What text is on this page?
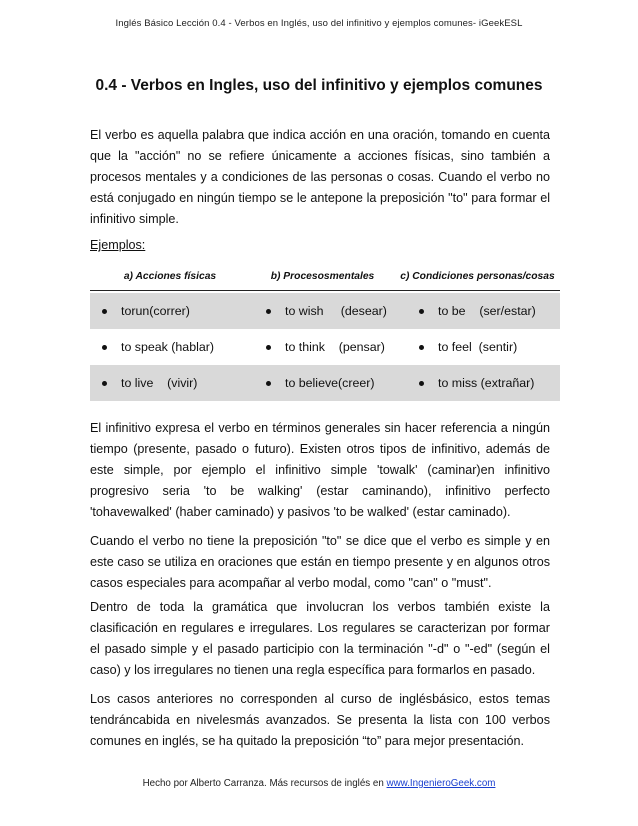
Inglés Básico Lección 0.4 - Verbos en Inglés, uso del infinitivo y ejemplos comunes- iGeekESL
0.4 - Verbos en Ingles, uso del infinitivo y ejemplos comunes

El verbo es aquella palabra que indica acción en una oración, tomando en cuenta que la "acción" no se refiere únicamente a acciones físicas, sino también a procesos mentales y a condiciones de las personas o cosas. Cuando el verbo no está conjugado en ningún tiempo se le antepone la preposición "to" para formar el infinitivo simple.

Ejemplos:
a) Acciones físicas	b) Procesosmentales	c) Condiciones personas/cosas
torun(correr)	to wish     (desear)	to be    (ser/estar)
to speak (hablar)	to think    (pensar)	to feel  (sentir)
to live    (vivir)	to believe(creer)	to miss (extrañar)

El infinitivo expresa el verbo en términos generales sin hacer referencia a ningún tiempo (presente, pasado o futuro). Existen otros tipos de infinitivo, además de este simple, por ejemplo el infinitivo simple 'towalk' (caminar)en infinitivo progresivo seria 'to be walking' (estar caminando), infinitivo perfecto 'tohavewalked' (haber caminado) y pasivos 'to be walked' (estar caminado).

Cuando el verbo no tiene la preposición "to" se dice que el verbo es simple y en este caso se utiliza en oraciones que están en tiempo presente y en algunos otros casos especiales para acompañar al verbo modal, como "can" o "must".

Dentro de toda la gramática que involucran los verbos también existe la clasificación en regulares e irregulares. Los regulares se caracterizan por formar el pasado simple y el pasado participio con la terminación "-d" o "-ed" (según el caso) y los irregulares no tienen una regla específica para formarlos en pasado.

Los casos anteriores no corresponden al curso de inglésbásico, estos temas tendráncabida en nivelesmás avanzados. Se presenta la lista con 100 verbos comunes en inglés, se ha quitado la preposición “to” para mejor presentación.

Hecho por Alberto Carranza. Más recursos de inglés en www.IngenieroGeek.com
